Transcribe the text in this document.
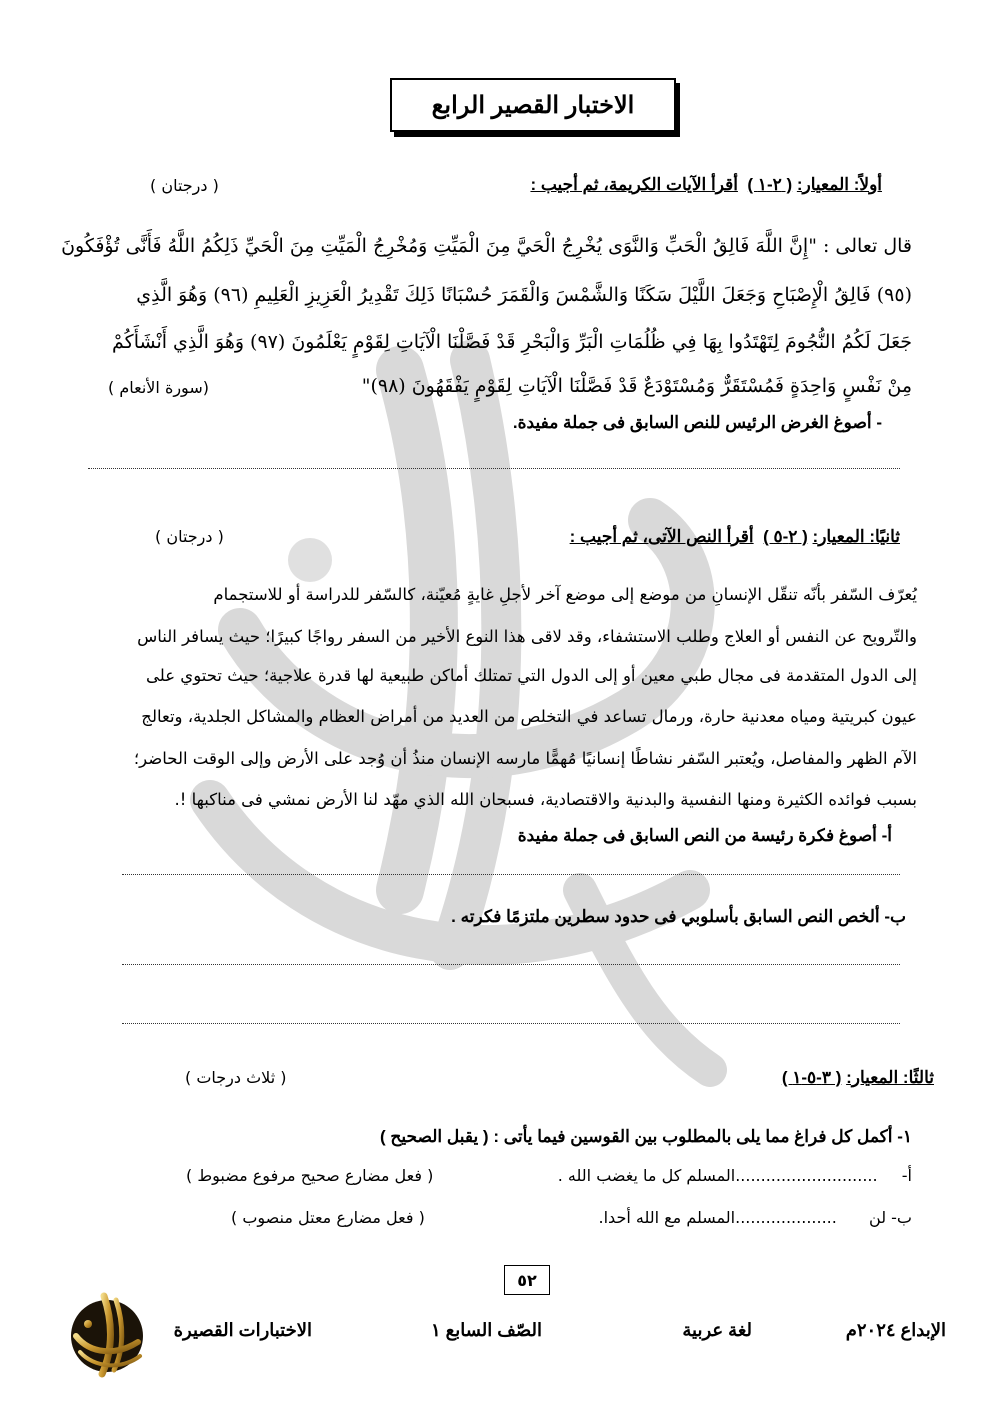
الاختبار القصير الرابع
أولاً: المعيار: ( ٢-١ )  أقرأ الآيات الكريمة، ثم أجيب :
( درجتان )
قال تعالى : "إِنَّ اللَّهَ فَالِقُ الْحَبِّ وَالنَّوَى يُخْرِجُ الْحَيَّ مِنَ الْمَيِّتِ وَمُخْرِجُ الْمَيِّتِ مِنَ الْحَيِّ ذَلِكُمُ اللَّهُ فَأَنَّى تُؤْفَكُونَ
(٩٥) فَالِقُ الْإِصْبَاحِ وَجَعَلَ اللَّيْلَ سَكَنًا وَالشَّمْسَ وَالْقَمَرَ حُسْبَانًا ذَلِكَ تَقْدِيرُ الْعَزِيزِ الْعَلِيمِ (٩٦) وَهُوَ الَّذِي
جَعَلَ لَكُمُ النُّجُومَ لِتَهْتَدُوا بِهَا فِي ظُلُمَاتِ الْبَرِّ وَالْبَحْرِ قَدْ فَصَّلْنَا الْآيَاتِ لِقَوْمٍ يَعْلَمُونَ (٩٧) وَهُوَ الَّذِي أَنْشَأَكُمْ
مِنْ نَفْسٍ وَاحِدَةٍ فَمُسْتَقَرٌّ وَمُسْتَوْدَعٌ قَدْ فَصَّلْنَا الْآيَاتِ لِقَوْمٍ يَفْقَهُونَ (٩٨)"
(سورة الأنعام )
- أصوغ الغرض الرئيس للنص السابق فى جملة مفيدة.
ثانيًا: المعيار: ( ٢-٥ )  أقرأ النص الآتى، ثم أجيب :
( درجتان )
يُعرّف السّفر بأنّه تنقّل الإنسانِ من موضع إلى موضع آخر لأجلِ غايةٍ مُعيّنة، كالسّفر للدراسة أو للاستجمام
والتّرويح عن النفس أو العلاج وطلب الاستشفاء، وقد لاقى هذا النوع الأخير من السفر رواجًا كبيرًا؛ حيث يسافر الناس
إلى الدول المتقدمة فى مجال طبي معين أو إلى الدول التي تمتلك أماكن طبيعية لها قدرة علاجية؛ حيث تحتوي على
عيون كبريتية ومياه معدنية حارة، ورمال تساعد في التخلص من العديد من أمراض العظام والمشاكل الجلدية، وتعالج
الآم الظهر والمفاصل، ويُعتبر السّفر نشاطًا إنسانيًا مُهمًّا مارسه الإنسان منذُ أن وُجد على الأرض وإلى الوقت الحاضر؛
بسبب فوائده الكثيرة ومنها النفسية والبدنية والاقتصادية، فسبحان الله الذي مهّد لنا الأرض نمشي فى مناكبها !.
أ- أصوغ فكرة رئيسة من النص السابق فى جملة مفيدة
ب- ألخص النص السابق بأسلوبي فى حدود سطرين ملتزمًا فكرته .
ثالثًا: المعيار: ( ٣-٥-١ )
( ثلاث درجات )
١- أكمل كل فراغ مما يلى بالمطلوب بين القوسين فيما يأتى : ( يقبل الصحيح )
أ-  ............................المسلم كل ما يغضب الله .
( فعل مضارع صحيح مرفوع مضبوط )
ب- لن  ....................المسلم مع الله أحدا.
( فعل مضارع معتل منصوب )
٥٢
الإبداع ٢٠٢٤م
لغة عربية
الصّف السابع ١
الاختبارات القصيرة
